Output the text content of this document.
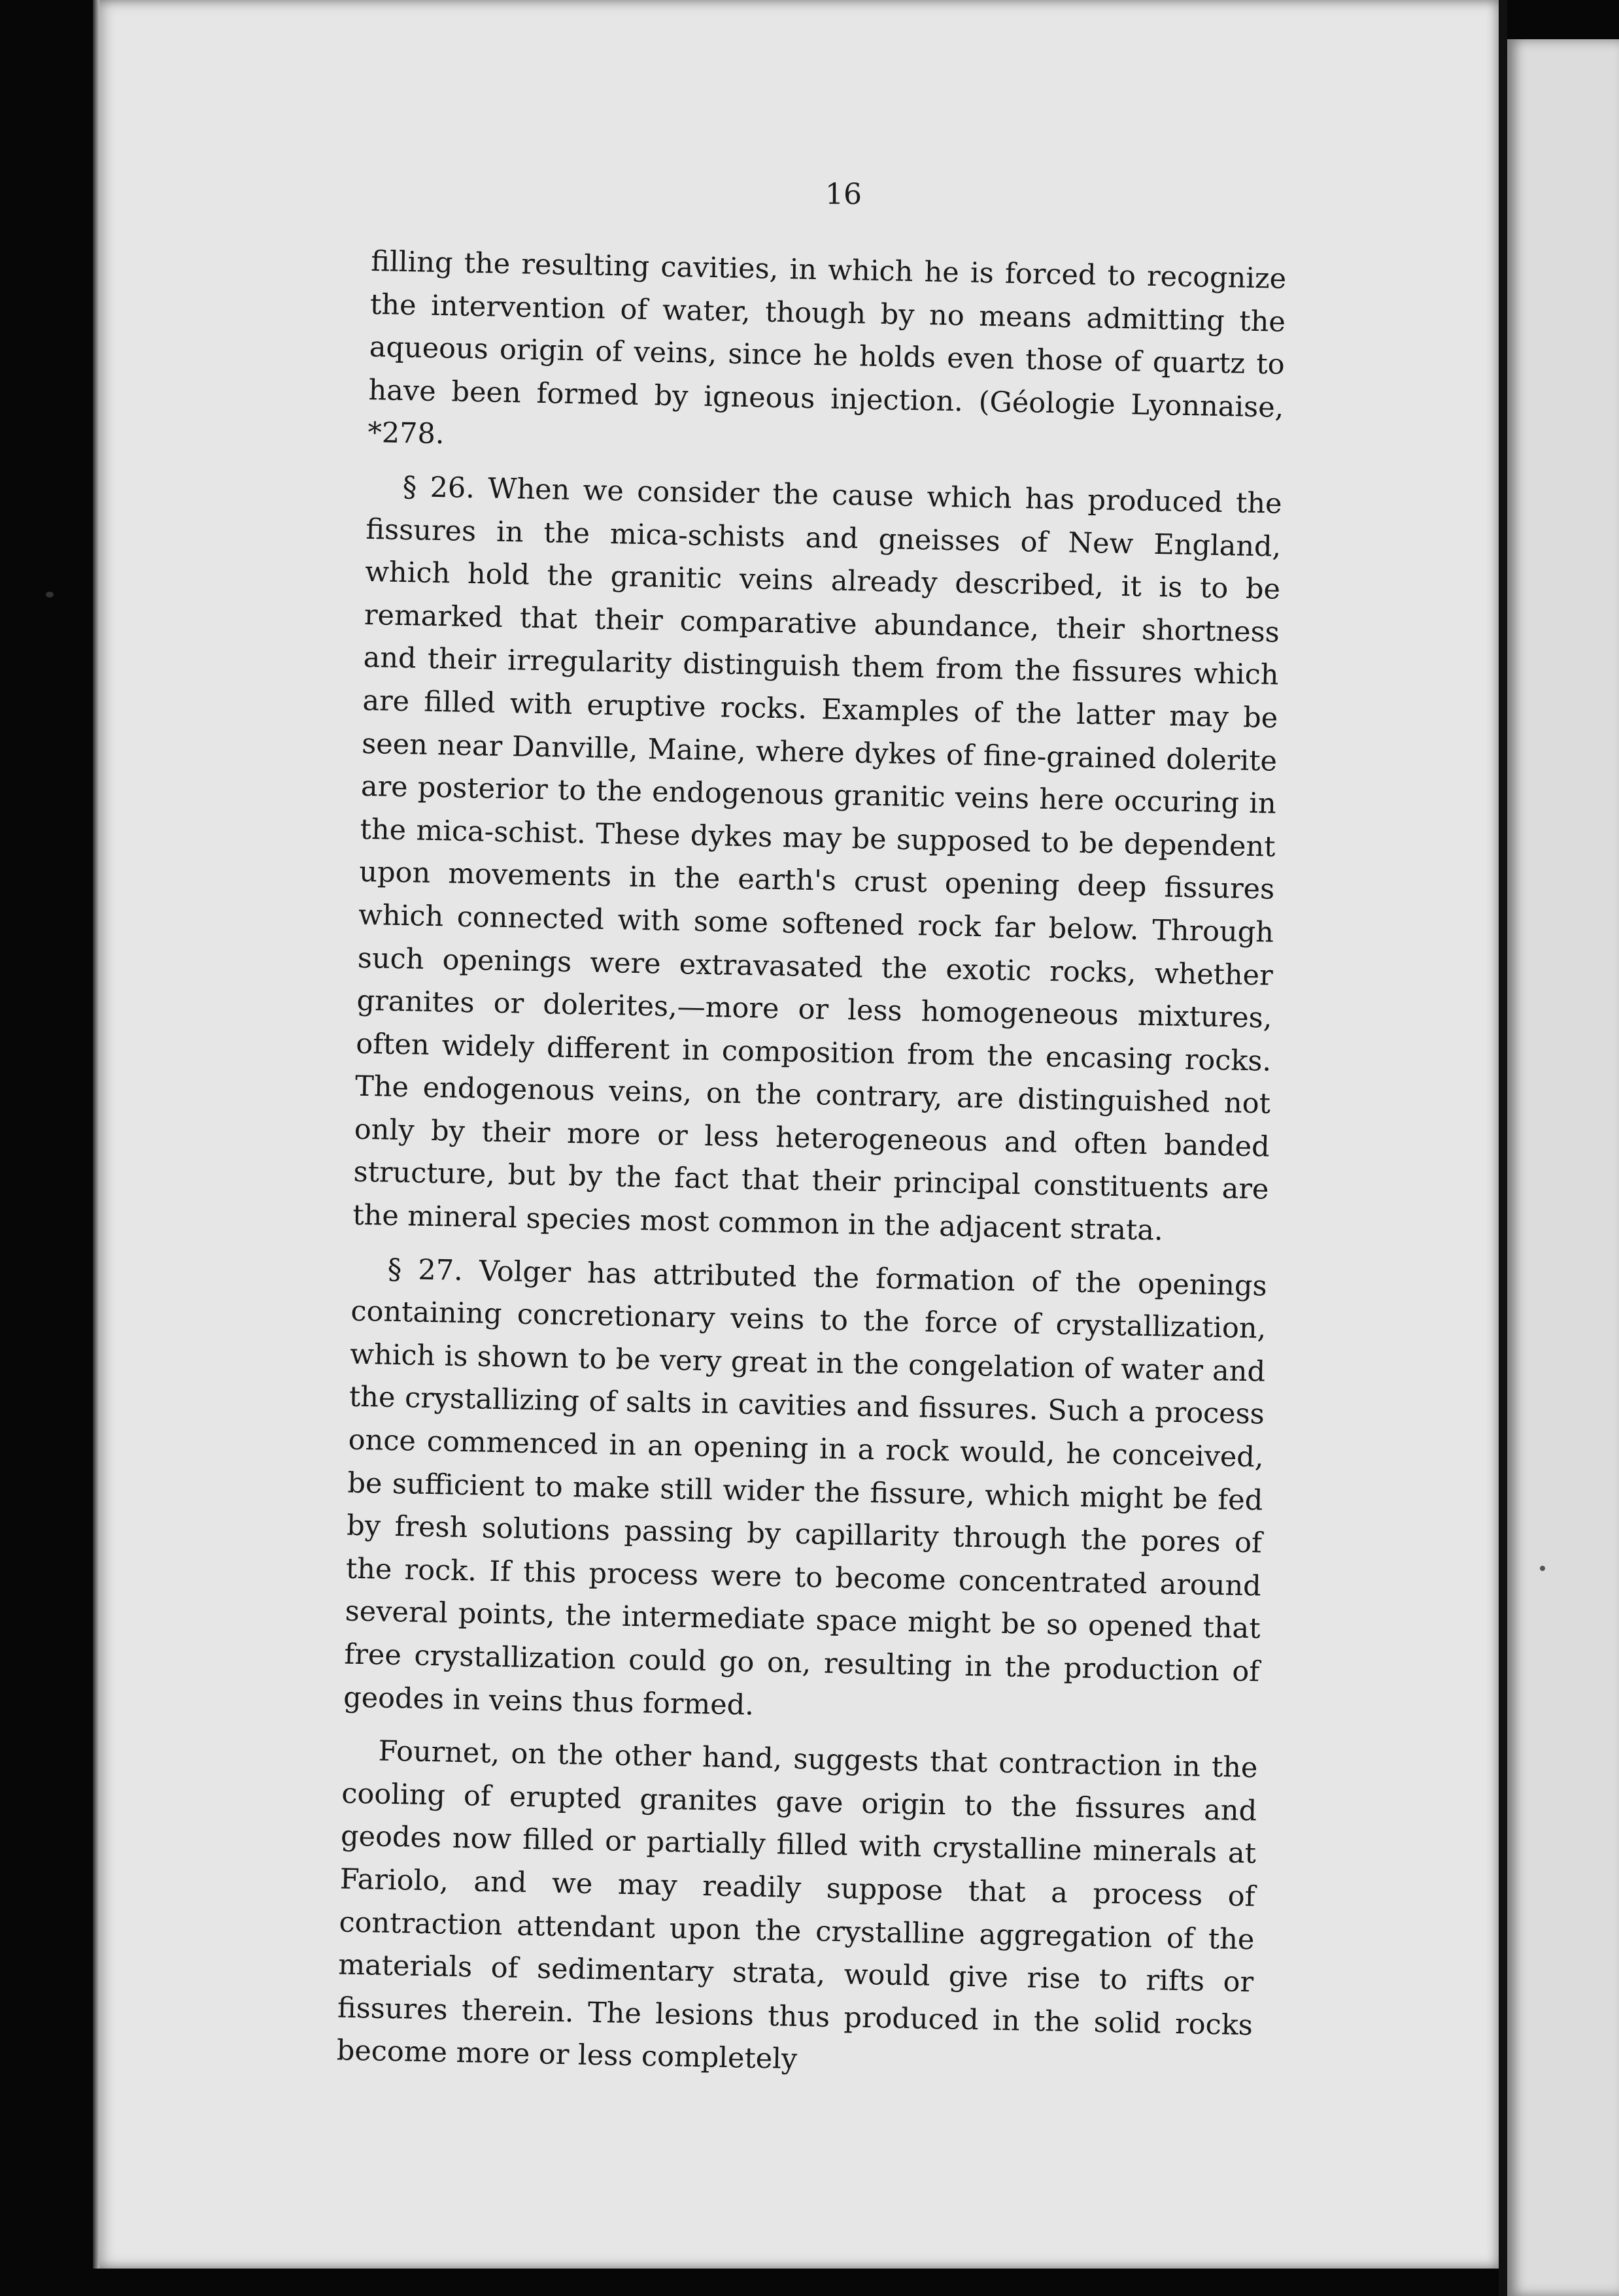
16

filling the resulting cavities, in which he is forced to recognize the intervention of water, though by no means admitting the aqueous origin of veins, since he holds even those of quartz to have been formed by igneous injection. (Géologie Lyonnaise, *278.

§ 26. When we consider the cause which has produced the fissures in the mica-schists and gneisses of New England, which hold the granitic veins already described, it is to be remarked that their comparative abundance, their shortness and their irregularity distinguish them from the fissures which are filled with eruptive rocks. Examples of the latter may be seen near Danville, Maine, where dykes of fine-grained dolerite are posterior to the endogenous granitic veins here occuring in the mica-schist. These dykes may be supposed to be dependent upon movements in the earth's crust opening deep fissures which connected with some softened rock far below. Through such openings were extravasated the exotic rocks, whether granites or dolerites,—more or less homogeneous mixtures, often widely different in composition from the encasing rocks. The endogenous veins, on the contrary, are distinguished not only by their more or less heterogeneous and often banded structure, but by the fact that their principal constituents are the mineral species most common in the adjacent strata.

§ 27. Volger has attributed the formation of the openings containing concretionary veins to the force of crystallization, which is shown to be very great in the congelation of water and the crystallizing of salts in cavities and fissures. Such a process once commenced in an opening in a rock would, he conceived, be sufficient to make still wider the fissure, which might be fed by fresh solutions passing by capillarity through the pores of the rock. If this process were to become concentrated around several points, the intermediate space might be so opened that free crystallization could go on, resulting in the production of geodes in veins thus formed.

Fournet, on the other hand, suggests that contraction in the cooling of erupted granites gave origin to the fissures and geodes now filled or partially filled with crystalline minerals at Fariolo, and we may readily suppose that a process of contraction attendant upon the crystalline aggregation of the materials of sedimentary strata, would give rise to rifts or fissures therein. The lesions thus produced in the solid rocks become more or less completely
